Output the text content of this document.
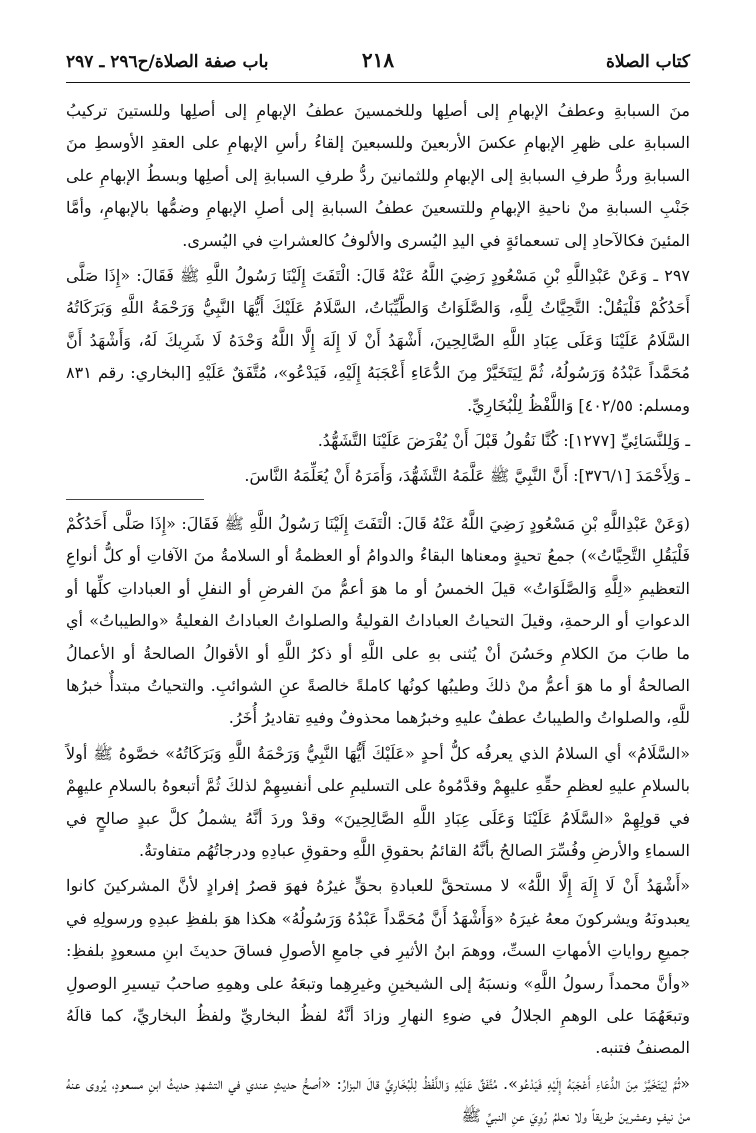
كتاب الصلاة
٢١٨
باب صفة الصلاة/ح٢٩٦ ـ ٢٩٧

منَ السبابةِ وعطفُ الإبهامِ إلى أصلِها وللخمسينَ عطفُ الإبهامِ إلى أصلِها وللستينَ تركيبُ السبابةِ على ظهرِ الإبهامِ عكسَ الأربعينَ وللسبعينَ إلقاءُ رأسِ الإبهامِ على العقدِ الأوسطِ منَ السبابةِ وردُّ طرفِ السبابةِ إلى الإبهامِ وللثمانينَ ردُّ طرفِ السبابةِ إلى أصلِها وبسطُ الإبهامِ على جَنْبِ السبابةِ منْ ناحيةِ الإبهامِ وللتسعينَ عطفُ السبابةِ إلى أصلِ الإبهامِ وضمُّها بالإبهامِ، وأمَّا المئينَ فكالآحادِ إلى تسعمائةٍ في اليدِ اليُسرى والألوفُ كالعشراتِ في اليُسرى.

٢٩٧ ـ وَعَنْ عَبْدِاللَّهِ بْنِ مَسْعُودٍ رَضِيَ اللَّهُ عَنْهُ قَالَ: الْتَفَتَ إِلَيْنَا رَسُولُ اللَّهِ ﷺ فَقَالَ: «إِذَا صَلَّى أَحَدُكُمْ فَلْيَقُلْ: التَّحِيَّاتُ لِلَّهِ، وَالصَّلَوَاتُ وَالطَّيِّبَاتُ، السَّلَامُ عَلَيْكَ أَيُّهَا النَّبِيُّ وَرَحْمَةُ اللَّهِ وَبَرَكَاتُهُ السَّلَامُ عَلَيْنَا وَعَلَى عِبَادِ اللَّهِ الصَّالِحِينَ، أَشْهَدُ أَنْ لَا إِلَهَ إِلَّا اللَّهُ وَحْدَهُ لَا شَرِيكَ لَهُ، وَأَشْهَدُ أَنَّ مُحَمَّداً عَبْدُهُ وَرَسُولُهُ، ثُمَّ لِيَتَخَيَّرْ مِنَ الدُّعَاءِ أَعْجَبَهُ إِلَيْهِ، فَيَدْعُو»، مُتَّفَقٌ عَلَيْهِ [البخاري: رقم ٨٣١ ومسلم: ٤٠٢/٥٥] وَاللَّفْظُ لِلْبُخَارِيِّ.

ـ وَلِلنَّسَائِيِّ [١٢٧٧]: كُنَّا نَقُولُ قَبْلَ أَنْ يُفْرَضَ عَلَيْنَا التَّشَهُّدُ.

ـ وَلِأَحْمَدَ [٣٧٦/١]: أَنَّ النَّبِيَّ ﷺ عَلَّمَهُ التَّشَهُّدَ، وَأَمَرَهُ أَنْ يُعَلِّمَهُ النَّاسَ.

(وَعَنْ عَبْدِاللَّهِ بْنِ مَسْعُودٍ رَضِيَ اللَّهُ عَنْهُ قَالَ: الْتَفَتَ إِلَيْنَا رَسُولُ اللَّهِ ﷺ فَقَالَ: «إِذَا صَلَّى أَحَدُكُمْ فَلْيَقُلِ التَّحِيَّاتُ») جمعُ تحيةٍ ومعناها البقاءُ والدوامُ أو العظمةُ أو السلامةُ منَ الآفاتِ أو كلُّ أنواعِ التعظيمِ «لِلَّهِ وَالصَّلَوَاتُ» قيلَ الخمسُ أو ما هوَ أعمُّ منَ الفرضِ أو النفلِ أو العباداتِ كلِّها أو الدعواتِ أو الرحمةِ، وقيلَ التحياتُ العباداتُ القوليةُ والصلواتُ العباداتُ الفعليةُ «والطيباتُ» أي ما طابَ منَ الكلامِ وحَسُنَ أنْ يُثنى بهِ على اللَّهِ أو ذكرُ اللَّهِ أو الأقوالُ الصالحةُ أو الأعمالُ الصالحةُ أو ما هوَ أعمُّ منْ ذلكَ وطيبُها كونُها كاملةً خالصةً عنِ الشوائبِ. والتحياتُ مبتدأٌ خبرُها للَّهِ، والصلواتُ والطيباتُ عطفٌ عليهِ وخبرُهما محذوفٌ وفيهِ تقاديرُ أُخَرُ.

«السَّلَامُ» أي السلامُ الذي يعرفُه كلُّ أحدٍ «عَلَيْكَ أَيُّهَا النَّبِيُّ وَرَحْمَةُ اللَّهِ وَبَرَكَاتُهُ» خصَّوهُ ﷺ أولاً بالسلامِ عليهِ لعظمِ حقِّهِ عليهِمْ وقدَّمُوهُ على التسليمِ على أنفسِهِمْ لذلكَ ثُمَّ أتبعوهُ بالسلامِ عليهِمْ في قولِهِمْ «السَّلَامُ عَلَيْنَا وَعَلَى عِبَادِ اللَّهِ الصَّالِحِينَ» وقدْ وردَ أنَّهُ يشملُ كلَّ عبدٍ صالحٍ في السماءِ والأرضِ وفُسِّرَ الصالحُ بأنَّهُ القائمُ بحقوقِ اللَّهِ وحقوقِ عبادِهِ ودرجاتُهُم متفاوتةٌ.

«أَشْهَدُ أَنْ لَا إِلَهَ إِلَّا اللَّهُ» لا مستحقَّ للعبادةِ بحقٍّ غيرُهُ فهوَ قصرُ إفرادٍ لأنَّ المشركينَ كانوا يعبدونَهُ ويشركونَ معهُ غيرَهُ «وَأَشْهَدُ أَنَّ مُحَمَّداً عَبْدُهُ وَرَسُولُهُ» هكذا هوَ بلفظِ عبدِهِ ورسولِهِ في جميعِ رواياتِ الأمهاتِ الستِّ، ووهمَ ابنُ الأثيرِ في جامعِ الأصولِ فساقَ حديثَ ابنِ مسعودٍ بلفظِ: «وأنَّ محمداً رسولُ اللَّهِ» ونسبَهُ إلى الشيخينِ وغيرِهِما وتبعَهُ على وهمِهِ صاحبُ تيسيرِ الوصولِ وتبعَهُمَا على الوهمِ الجلالُ في ضوءِ النهارِ وزادَ أنَّهُ لفظُ البخاريِّ ولفظُ البخاريِّ، كما قالَهُ المصنفُ فتنبه.

«ثُمَّ لِيَتَخَيَّرْ مِنَ الدُّعَاءِ أَعْجَبَهُ إِلَيْهِ فَيَدْعُو». مُتَّفَقٌ عَلَيْهِ وَاللَّفْظُ لِلْبُخَارِيِّ قالَ البزارُ: «أصحُّ حديثٍ عندي في التشهدِ حديثُ ابنِ مسعودٍ، يُروى عنهُ منْ نيفٍ وعشرينَ طريقاً ولا نعلمُ رُوِيَ عنِ النبيِّ ﷺ
